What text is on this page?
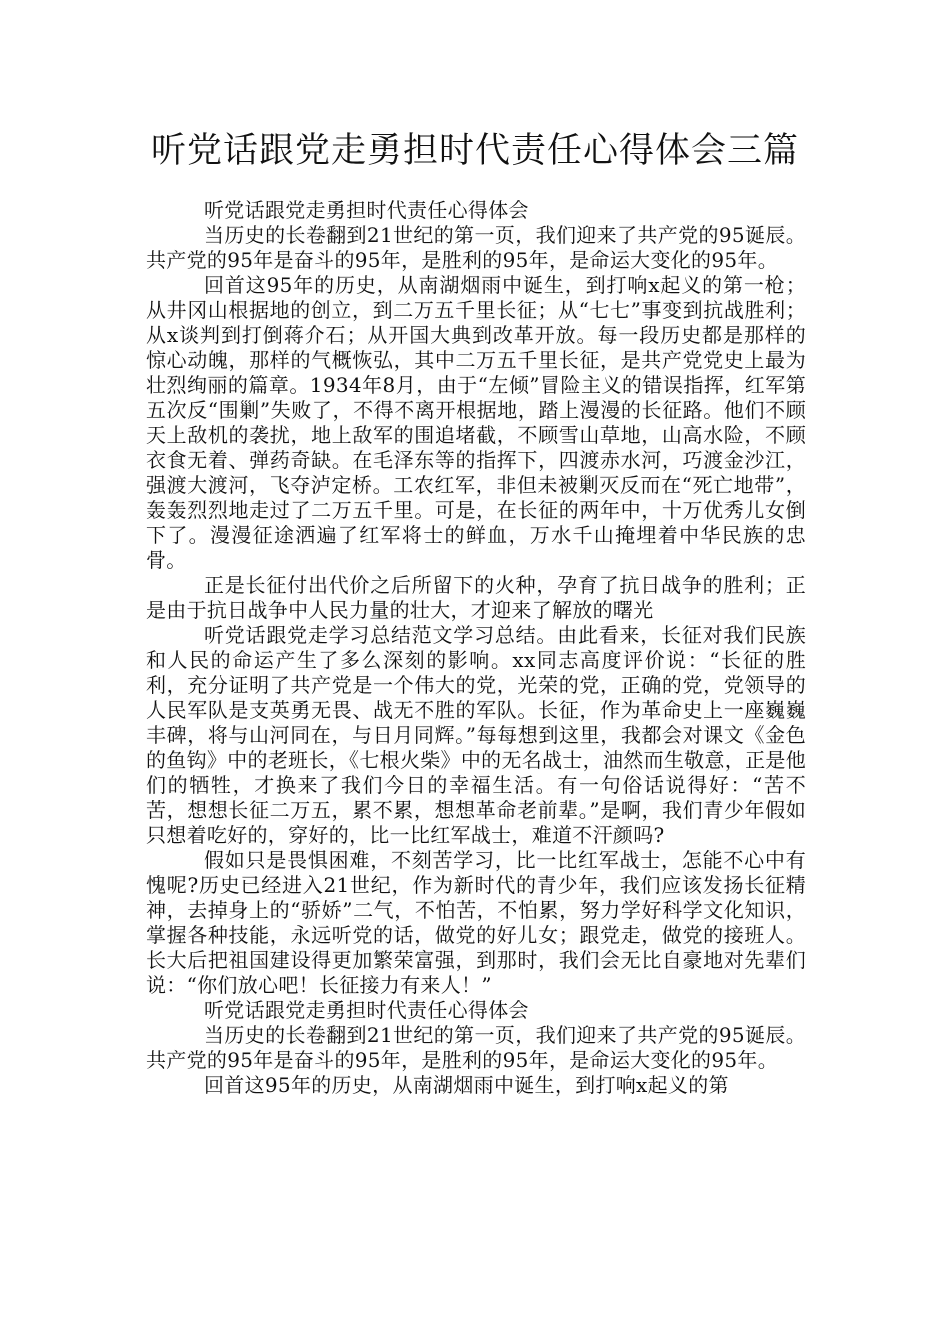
听党话跟党走勇担时代责任心得体会三篇

听党话跟党走勇担时代责任心得体会

当历史的长卷翻到21世纪的第一页，我们迎来了共产党的95诞辰。共产党的95年是奋斗的95年，是胜利的95年，是命运大变化的95年。

回首这95年的历史，从南湖烟雨中诞生，到打响x起义的第一枪；从井冈山根据地的创立，到二万五千里长征；从“七七”事变到抗战胜利；从x谈判到打倒蒋介石；从开国大典到改革开放。每一段历史都是那样的惊心动魄，那样的气概恢弘，其中二万五千里长征，是共产党党史上最为壮烈绚丽的篇章。1934年8月，由于“左倾”冒险主义的错误指挥，红军第五次反“围剿”失败了，不得不离开根据地，踏上漫漫的长征路。他们不顾天上敌机的袭扰，地上敌军的围追堵截，不顾雪山草地，山高水险，不顾衣食无着、弹药奇缺。在毛泽东等的指挥下，四渡赤水河，巧渡金沙江，强渡大渡河，飞夺泸定桥。工农红军，非但未被剿灭反而在“死亡地带”，轰轰烈烈地走过了二万五千里。可是，在长征的两年中，十万优秀儿女倒下了。漫漫征途洒遍了红军将士的鲜血，万水千山掩埋着中华民族的忠骨。

正是长征付出代价之后所留下的火种，孕育了抗日战争的胜利；正是由于抗日战争中人民力量的壮大，才迎来了解放的曙光

听党话跟党走学习总结范文学习总结。由此看来，长征对我们民族和人民的命运产生了多么深刻的影响。xx同志高度评价说：“长征的胜利，充分证明了共产党是一个伟大的党，光荣的党，正确的党，党领导的人民军队是支英勇无畏、战无不胜的军队。长征，作为革命史上一座巍巍丰碑，将与山河同在，与日月同辉。”每每想到这里，我都会对课文《金色的鱼钩》中的老班长，《七根火柴》中的无名战士，油然而生敬意，正是他们的牺牲，才换来了我们今日的幸福生活。有一句俗话说得好：“苦不苦，想想长征二万五，累不累，想想革命老前辈。”是啊，我们青少年假如只想着吃好的，穿好的，比一比红军战士，难道不汗颜吗?

假如只是畏惧困难，不刻苦学习，比一比红军战士，怎能不心中有愧呢?历史已经进入21世纪，作为新时代的青少年，我们应该发扬长征精神，去掉身上的“骄娇”二气，不怕苦，不怕累，努力学好科学文化知识，掌握各种技能，永远听党的话，做党的好儿女；跟党走，做党的接班人。长大后把祖国建设得更加繁荣富强，到那时，我们会无比自豪地对先辈们说：“你们放心吧！长征接力有来人！”

听党话跟党走勇担时代责任心得体会

当历史的长卷翻到21世纪的第一页，我们迎来了共产党的95诞辰。共产党的95年是奋斗的95年，是胜利的95年，是命运大变化的95年。

回首这95年的历史，从南湖烟雨中诞生，到打响x起义的第
